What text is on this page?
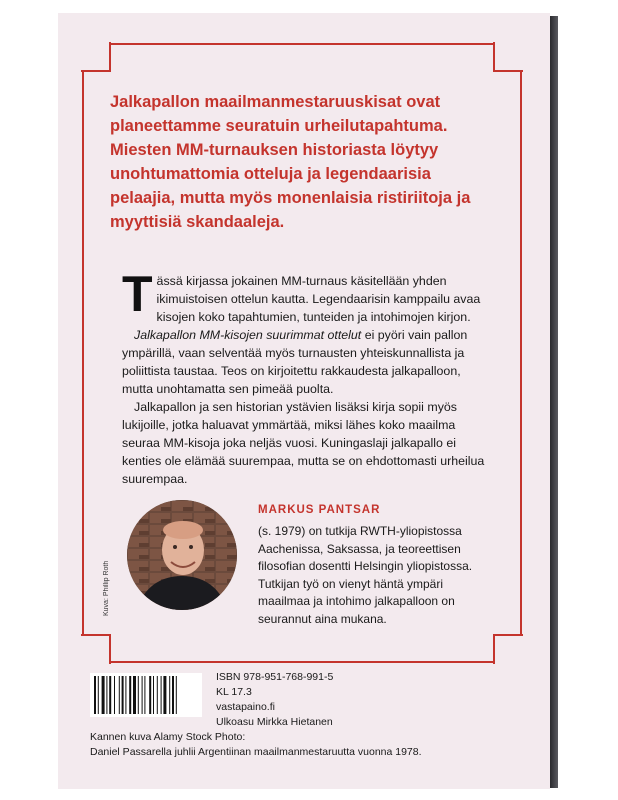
Jalkapallon maailmanmestaruuskisat ovat planeettamme seuratuin urheilutapahtuma. Miesten MM-turnauksen historiasta löytyy unohtumattomia otteluja ja legendaarisia pelaajia, mutta myös monenlaisia ristiriitoja ja myyttisiä skandaaleja.

Tässä kirjassa jokainen MM-turnaus käsitellään yhden ikimuistoisen ottelun kautta. Legendaarisin kamppailu avaa kisojen koko tapahtumien, tunteiden ja intohimojen kirjon.

Jalkapallon MM-kisojen suurimmat ottelut ei pyöri vain pallon ympärillä, vaan selventää myös turnausten yhteiskunnallista ja poliittista taustaa. Teos on kirjoitettu rakkaudesta jalkapalloon, mutta unohtamatta sen pimeää puolta.

Jalkapallon ja sen historian ystävien lisäksi kirja sopii myös lukijoille, jotka haluavat ymmärtää, miksi lähes koko maailma seuraa MM-kisoja joka neljäs vuosi. Kuningaslaji jalkapallo ei kenties ole elämää suurempaa, mutta se on ehdottomasti urheilua suurempaa.

Kuva: Phillip Roth
MARKUS PANTSAR

(s. 1979) on tutkija RWTH-yliopistossa Aachenissa, Saksassa, ja teoreettisen filosofian dosentti Helsingin yliopistossa. Tutkijan työ on vienyt häntä ympäri maailmaa ja intohimo jalkapalloon on seurannut aina mukana.

ISBN 978-951-768-991-5
KL 17.3
vastapaino.fi
Ulkoasu Mirkka Hietanen
Kannen kuva Alamy Stock Photo:
Daniel Passarella juhlii Argentiinan maailmanmestaruutta vuonna 1978.
